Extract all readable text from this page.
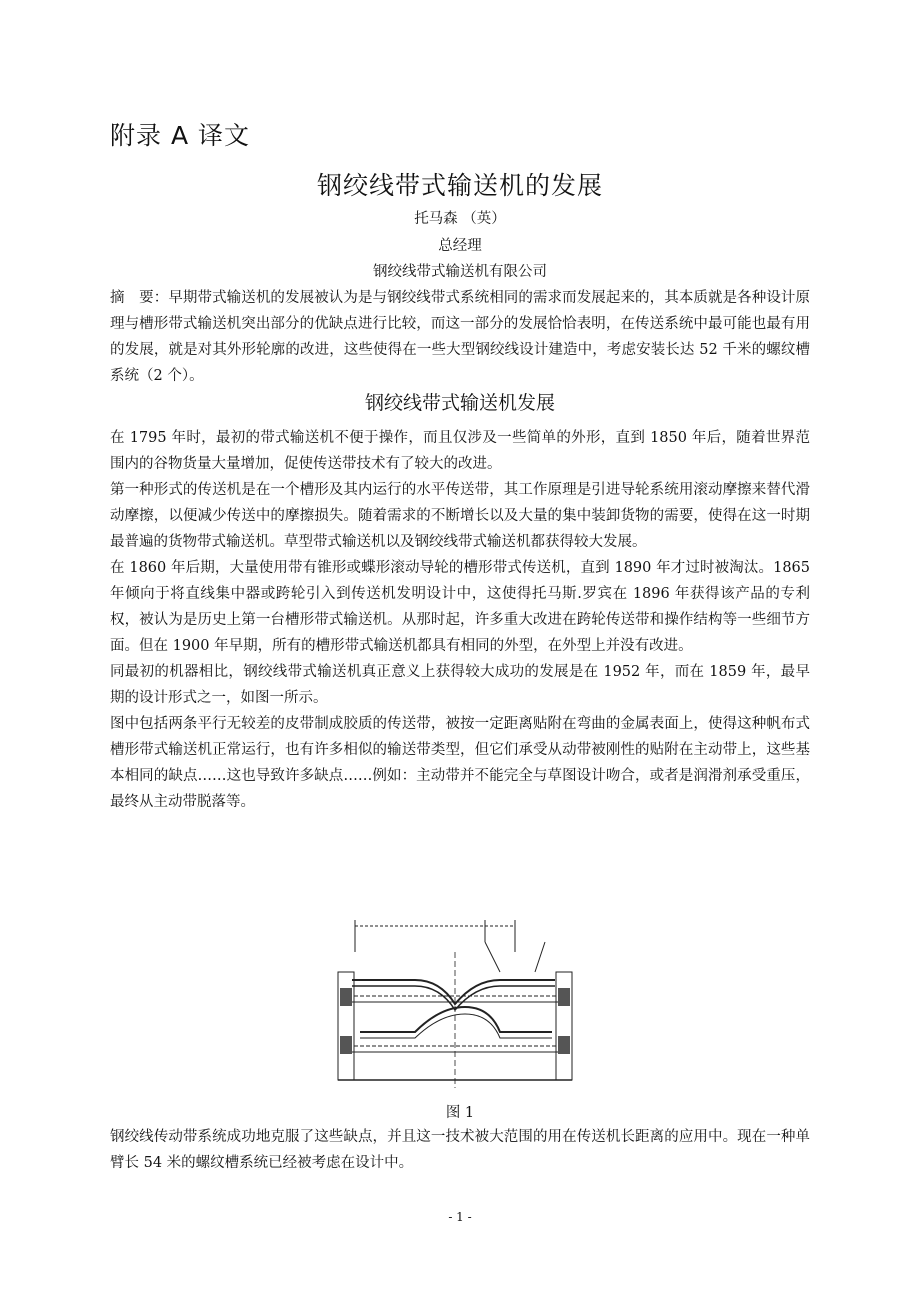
附录 A 译文
钢绞线带式输送机的发展

托马森 （英）

总经理

钢绞线带式输送机有限公司

摘　要：早期带式输送机的发展被认为是与钢绞线带式系统相同的需求而发展起来的，其本质就是各种设计原理与槽形带式输送机突出部分的优缺点进行比较，而这一部分的发展恰恰表明，在传送系统中最可能也最有用的发展，就是对其外形轮廓的改进，这些使得在一些大型钢绞线设计建造中，考虑安装长达 52 千米的螺纹槽系统（2 个）。

钢绞线带式输送机发展

在 1795 年时，最初的带式输送机不便于操作，而且仅涉及一些简单的外形，直到 1850 年后，随着世界范围内的谷物货量大量增加，促使传送带技术有了较大的改进。

第一种形式的传送机是在一个槽形及其内运行的水平传送带，其工作原理是引进导轮系统用滚动摩擦来替代滑动摩擦，以便减少传送中的摩擦损失。随着需求的不断增长以及大量的集中装卸货物的需要，使得在这一时期最普遍的货物带式输送机。草型带式输送机以及钢绞线带式输送机都获得较大发展。

在 1860 年后期，大量使用带有锥形或蝶形滚动导轮的槽形带式传送机，直到 1890 年才过时被淘汰。1865 年倾向于将直线集中器或跨轮引入到传送机发明设计中，这使得托马斯.罗宾在 1896 年获得该产品的专利权，被认为是历史上第一台槽形带式输送机。从那时起，许多重大改进在跨轮传送带和操作结构等一些细节方面。但在 1900 年早期，所有的槽形带式输送机都具有相同的外型，在外型上并没有改进。

同最初的机器相比，钢绞线带式输送机真正意义上获得较大成功的发展是在 1952 年，而在 1859 年，最早期的设计形式之一，如图一所示。

图中包括两条平行无较差的皮带制成胶质的传送带，被按一定距离贴附在弯曲的金属表面上，使得这种帆布式槽形带式输送机正常运行，也有许多相似的输送带类型，但它们承受从动带被刚性的贴附在主动带上，这些基本相同的缺点……这也导致许多缺点……例如：主动带并不能完全与草图设计吻合，或者是润滑剂承受重压，最终从主动带脱落等。

图 1

钢绞线传动带系统成功地克服了这些缺点，并且这一技术被大范围的用在传送机长距离的应用中。现在一种单臂长 54 米的螺纹槽系统已经被考虑在设计中。

- 1 -
